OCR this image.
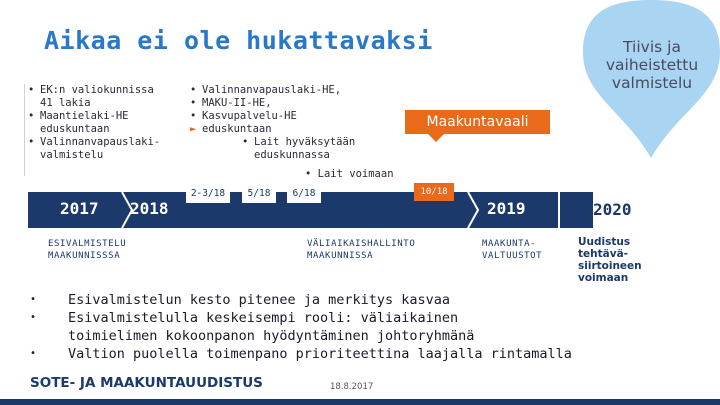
Aikaa ei ole hukattavaksi
• EK:n valiokunnissa
41 lakia
• Maantielaki-HE
eduskuntaan
• Valinnanvapauslaki-
valmistelu
• Valinnanvapauslaki-HE,
• MAKU-II-HE,
• Kasvupalvelu-HE
► eduskuntaan
• Lait hyväksytään
eduskunnassa
• Lait voimaan
Tiivis ja vaiheistettu valmistelu
Maakuntavaali
2017 2018	2019	2020
2-3/18	5/18	6/18	10/18
ESIVALMISTELU MAAKUNNISSSA
VÄLIAIKAISHALLINTO MAAKUNNISSA
MAAKUNTA- VALTUUSTOT
Uudistus tehtävä- siirtoineen voimaan
• Esivalmistelun kesto pitenee ja merkitys kasvaa
• Esivalmistelulla keskeisempi rooli: väliaikainen
toimielimen kokoonpanon hyödyntäminen johtoryhmänä
• Valtion puolella toimenpano prioriteettina laajalla rintamalla
SOTE- JA MAAKUNTAUUDISTUS	18.8.2017
